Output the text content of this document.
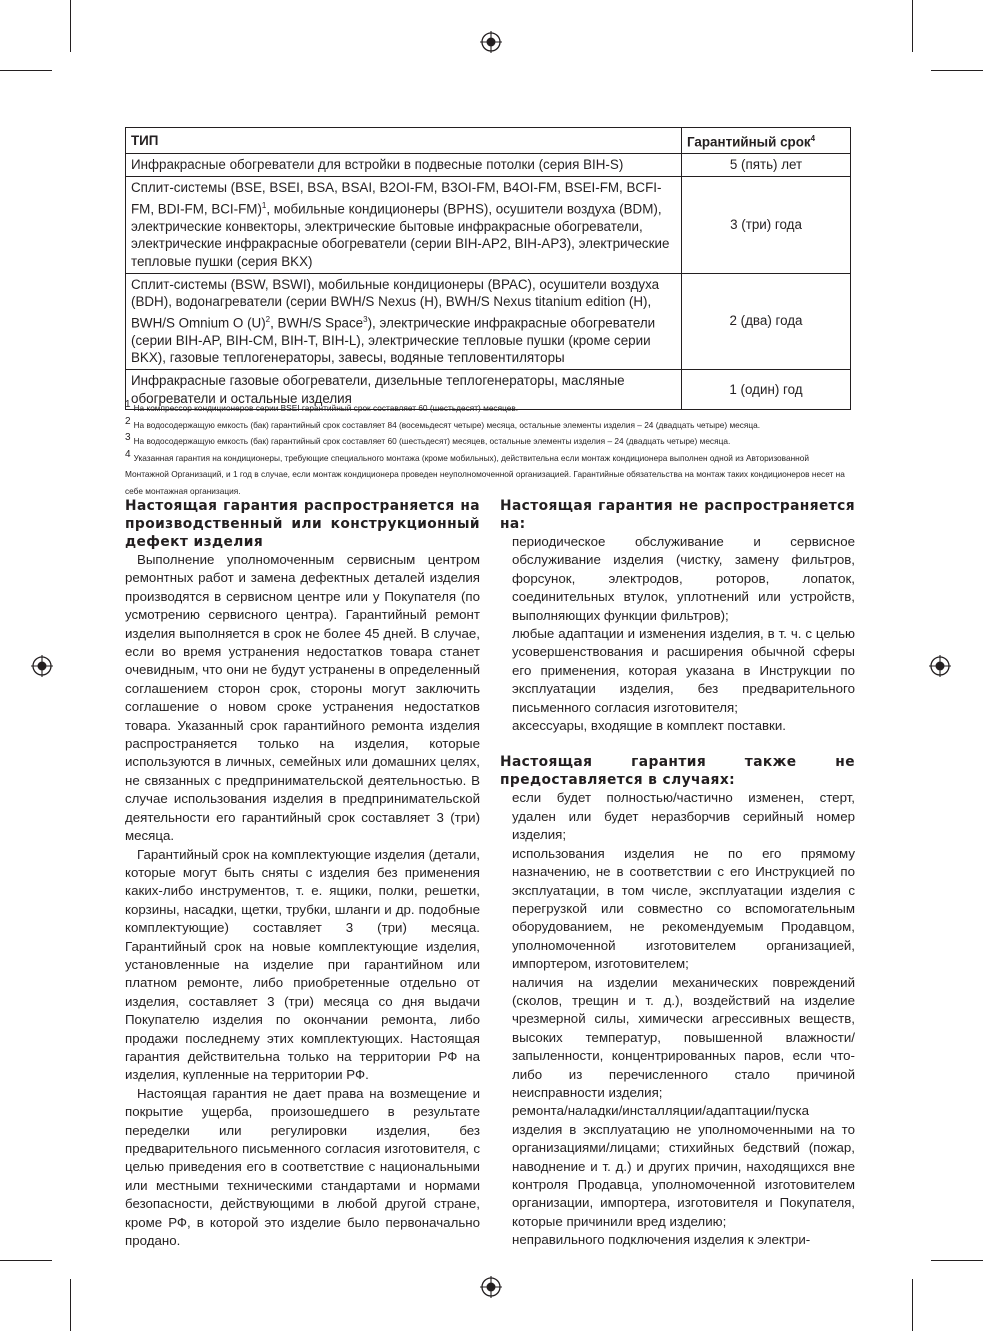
ТИП	Гарантийный срок$^4$
Инфракрасные обогреватели для встройки в подвесные потолки (серия BIH-S)	5 (пять) лет
Сплит-системы (BSE, BSEI, BSA, BSAI, B2OI-FM, B3OI-FM, B4OI-FM, BSEI-FM, BCFI-FM, BDI-FM, BCI-FM)$^1$, мобильные кондиционеры (BPHS), осушители воздуха (BDM), электрические конвекторы, электрические бытовые инфракрасные обогреватели, электрические инфракрасные обогреватели (серии BIH-AP2, BIH-AP3), электрические тепловые пушки (серия BKX)	3 (три) года
Сплит-системы (BSW, BSWI), мобильные кондиционеры (BPAC), осушители воздуха (BDH), водонагреватели (серии BWH/S Nexus (H), BWH/S Nexus titanium edition (H), BWH/S Omnium O $(U)^2$, BWH/S Space$^3$), электрические инфракрасные обогреватели (серии BIH-AP, BIH-CM, BIH-T, BIH-L), электрические тепловые пушки (кроме серии BKX), газовые теплогенераторы, завесы, водяные тепловентиляторы	2 (два) года
Инфракрасные газовые обогреватели, дизельные теплогенераторы, масляные обогреватели и остальные изделия	1 (один) год

$^1$ На компрессор кондиционеров серии BSEI гарантийный срок составляет 60 (шестьдесят) месяцев.

$^2$ На водосодержащую емкость (бак) гарантийный срок составляет 84 (восемьдесят четыре) месяца, остальные элементы изделия – 24 (двадцать четыре) месяца.

$^3$ На водосодержащую емкость (бак) гарантийный срок составляет 60 (шестьдесят) месяцев, остальные элементы изделия – 24 (двадцать четыре) месяца.

$^4$ Указанная гарантия на кондиционеры, требующие специального монтажа (кроме мобильных), действительна если монтаж кондиционера выполнен одной из Авторизованной Монтажной Организаций, и 1 год в случае, если монтаж кондиционера проведен неуполномоченной организацией. Гарантийные обязательства на монтаж таких кондиционеров несет на себе монтажная организация.

Настоящая гарантия распространяется на производственный или конструкционный дефект изделия

Выполнение уполномоченным сервисным центром ремонтных работ и замена дефектных деталей изделия производятся в сервисном центре или у Покупателя (по усмотрению сервисного центра). Гарантийный ремонт изделия выполняется в срок не более 45 дней. В случае, если во время устранения недостатков товара станет очевидным, что они не будут устранены в определенный соглашением сторон срок, стороны могут заключить соглашение о новом сроке устранения недостатков товара. Указанный срок гарантийного ремонта изделия распространяется только на изделия, которые используются в личных, семейных или домашних целях, не связанных с предпринимательской деятельностью. В случае использования изделия в предпринимательской деятельности его гарантийный срок составляет 3 (три) месяца.

Гарантийный срок на комплектующие изделия (детали, которые могут быть сняты с изделия без применения каких-либо инструментов, т. е. ящики, полки, решетки, корзины, насадки, щетки, трубки, шланги и др. подобные комплектующие) составляет 3 (три) месяца. Гарантийный срок на новые комплектующие изделия, установленные на изделие при гарантийном или платном ремонте, либо приобретенные отдельно от изделия, составляет 3 (три) месяца со дня выдачи Покупателю изделия по окончании ремонта, либо продажи последнему этих комплектующих. Настоящая гарантия действительна только на территории РФ на изделия, купленные на территории РФ.

Настоящая гарантия не дает права на возмещение и покрытие ущерба, произошедшего в результате переделки или регулировки изделия, без предварительного письменного согласия изготовителя, с целью приведения его в соответствие с национальными или местными техническими стандартами и нормами безопасности, действующими в любой другой стране, кроме РФ, в которой это изделие было первоначально продано.

Настоящая гарантия не распространяется на:

периодическое обслуживание и сервисное обслуживание изделия (чистку, замену фильтров, форсунок, электродов, роторов, лопаток, соединительных втулок, уплотнений или устройств, выполняющих функции фильтров);

любые адаптации и изменения изделия, в т. ч. с целью усовершенствования и расширения обычной сферы его применения, которая указана в Инструкции по эксплуатации изделия, без предварительного письменного согласия изготовителя;

аксессуары, входящие в комплект поставки.

Настоящая гарантия также не предоставляется в случаях:

если будет полностью/частично изменен, стерт, удален или будет неразборчив серийный номер изделия;

использования изделия не по его прямому назначению, не в соответствии с его Инструкцией по эксплуатации, в том числе, эксплуатации изделия с перегрузкой или совместно со вспомогательным оборудованием, не рекомендуемым Продавцом, уполномоченной изготовителем организацией, импортером, изготовителем;

наличия на изделии механических повреждений (сколов, трещин и т. д.), воздействий на изделие чрезмерной силы, химически агрессивных веществ, высоких температур, повышенной влажности/запыленности, концентрированных паров, если что-либо из перечисленного стало причиной неисправности изделия;

ремонта/наладки/инсталляции/адаптации/пуска изделия в эксплуатацию не уполномоченными на то организациями/лицами; стихийных бедствий (пожар, наводнение и т. д.) и других причин, находящихся вне контроля Продавца, уполномоченной изготовителем организации, импортера, изготовителя и Покупателя, которые причинили вред изделию;

неправильного подключения изделия к электри-
